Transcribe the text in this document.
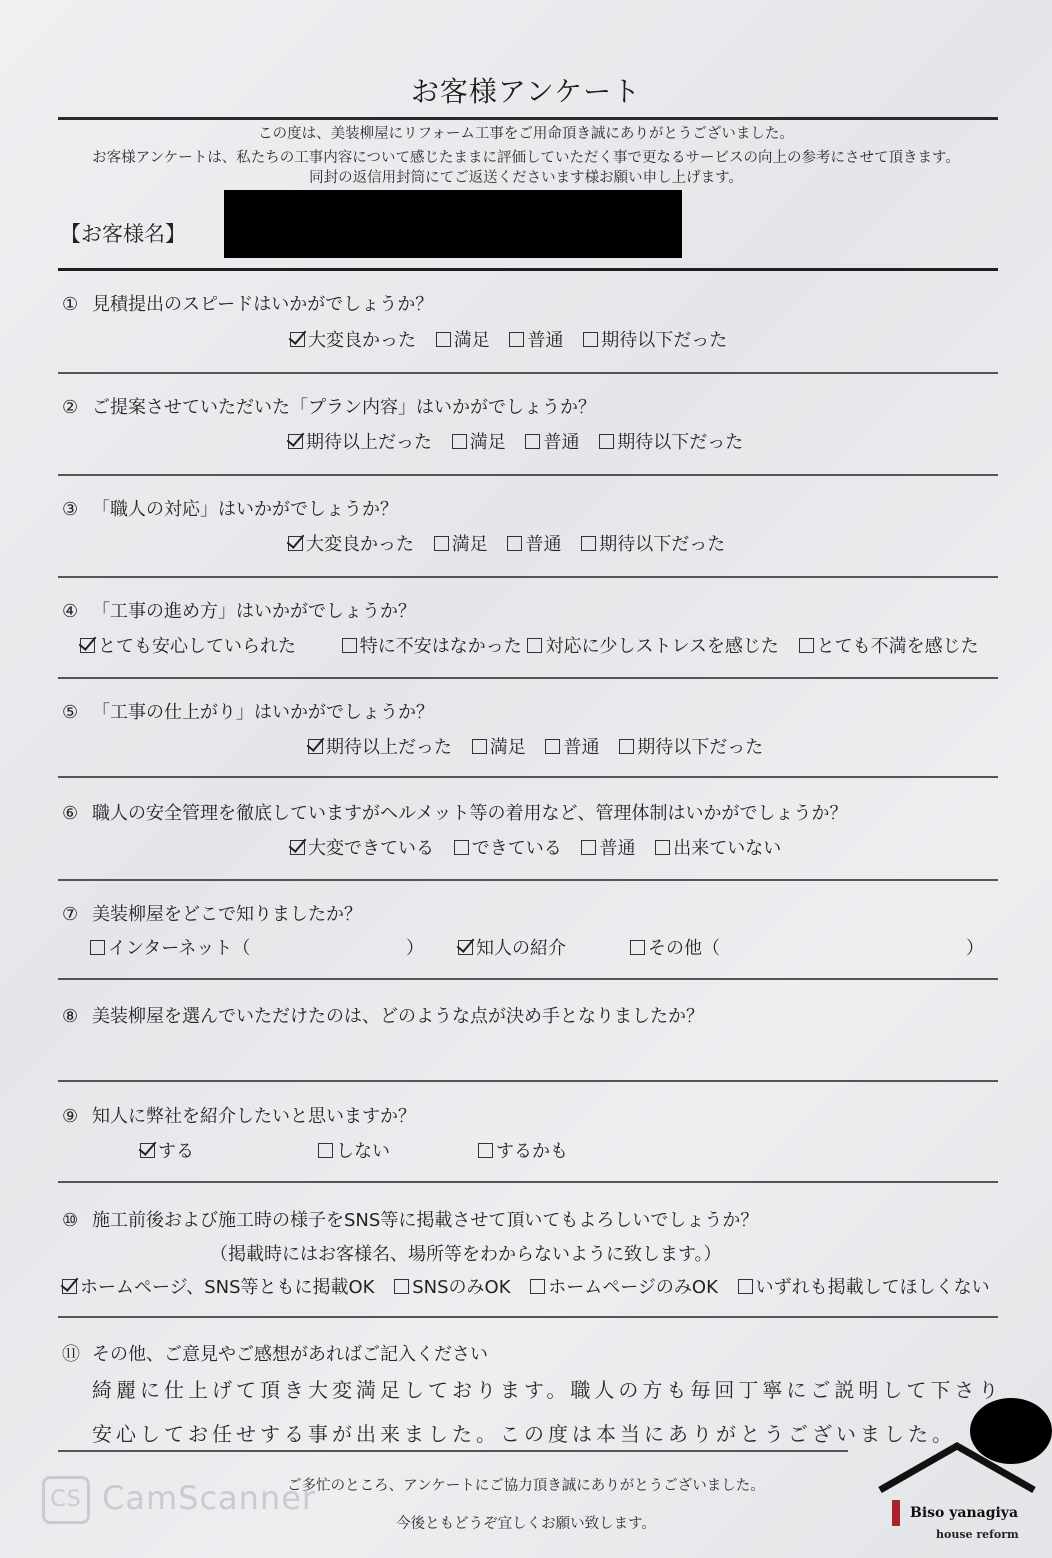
お客様アンケート
この度は、美装柳屋にリフォーム工事をご用命頂き誠にありがとうございました。
お客様アンケートは、私たちの工事内容について感じたままに評価していただく事で更なるサービスの向上の参考にさせて頂きます。
同封の返信用封筒にてご返送くださいます様お願い申し上げます。
【お客様名】
① 見積提出のスピードはいかがでしょうか？
大変良かった 満足 普通 期待以下だった
② ご提案させていただいた「プラン内容」はいかがでしょうか？
期待以上だった 満足 普通 期待以下だった
③ 「職人の対応」はいかがでしょうか？
大変良かった 満足 普通 期待以下だった
④ 「工事の進め方」はいかがでしょうか？
とても安心していられた	特に不安はなかった 対応に少しストレスを感じた とても不満を感じた
⑤ 「工事の仕上がり」はいかがでしょうか？
期待以上だった 満足 普通 期待以下だった
⑥ 職人の安全管理を徹底していますがヘルメット等の着用など、管理体制はいかがでしょうか？
大変できている できている 普通 出来ていない
⑦ 美装柳屋をどこで知りましたか？
インターネット（	）	知人の紹介	その他（	）
⑧ 美装柳屋を選んでいただけたのは、どのような点が決め手となりましたか？
⑨ 知人に弊社を紹介したいと思いますか？
する	しない	するかも
⑩ 施工前後および施工時の様子をSNS等に掲載させて頂いてもよろしいでしょうか？
（掲載時にはお客様名、場所等をわからないように致します。）
ホームページ、SNS等ともに掲載OK SNSのみOK ホームページのみOK いずれも掲載してほしくない
⑪ その他、ご意見やご感想があればご記入ください
綺麗に仕上げて頂き大変満足しております。職人の方も毎回丁寧にご説明して下さり
安心してお任せする事が出来ました。この度は本当にありがとうございました。
ご多忙のところ、アンケートにご協力頂き誠にありがとうございました。
今後ともどうぞ宜しくお願い致します。
CS CamScanner	Biso yanagiya
house reform
